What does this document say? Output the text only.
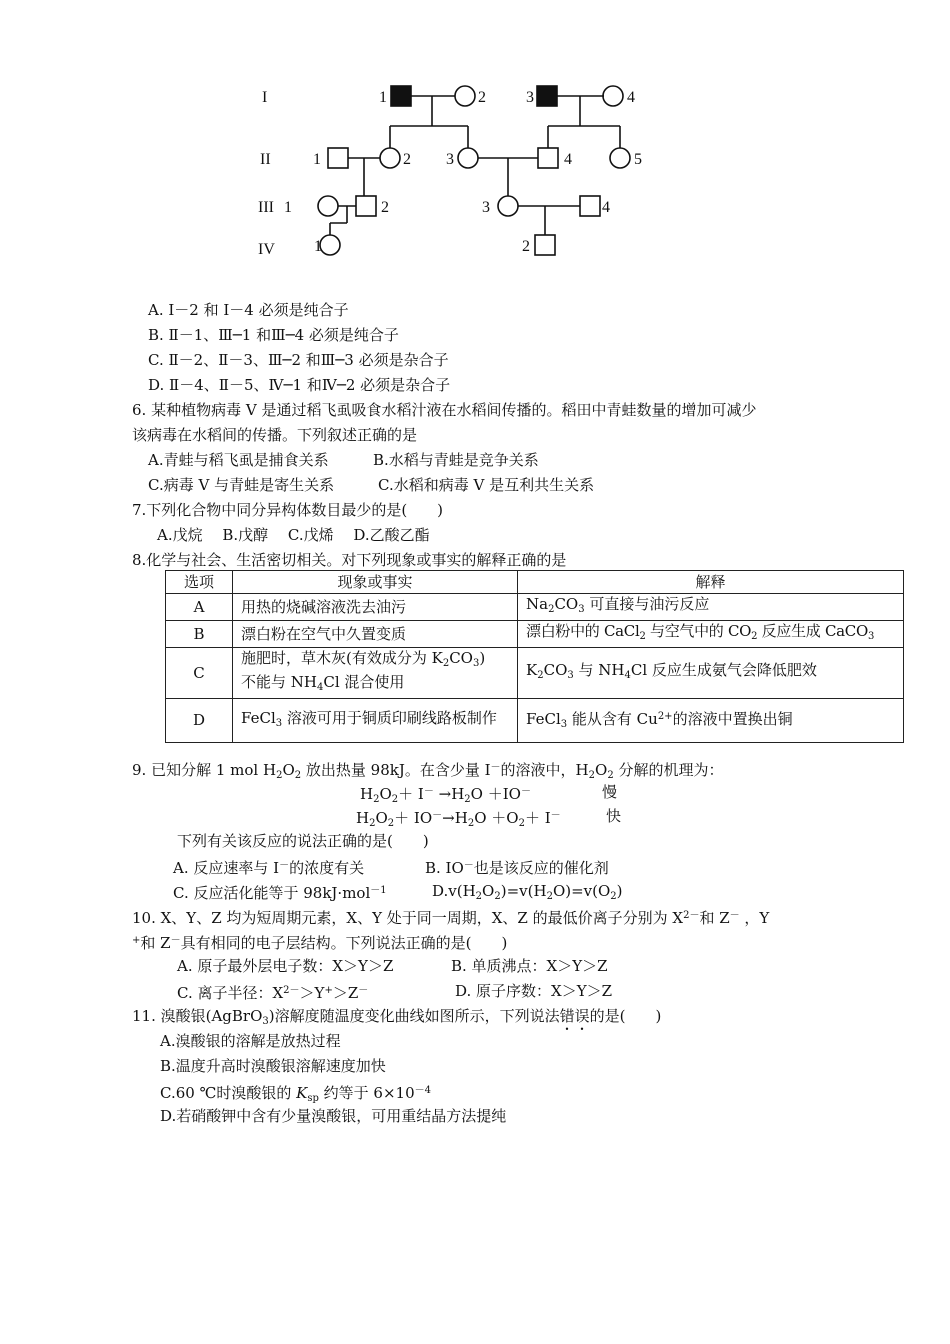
I
II
III
IV
1	2	3	4
1	2 3	4	5
1	2	3	4
1	2
A. Ⅰ－2 和 Ⅰ－4 必须是纯合子
B. Ⅱ－1、Ⅲ─1 和Ⅲ─4 必须是纯合子
C. Ⅱ－2、Ⅱ－3、Ⅲ─2 和Ⅲ─3 必须是杂合子
D. Ⅱ－4、Ⅱ－5、Ⅳ─1 和Ⅳ─2 必须是杂合子
6. 某种植物病毒 V 是通过稻飞虱吸食水稻汁液在水稻间传播的。稻田中青蛙数量的增加可减少
该病毒在水稻间的传播。下列叙述正确的是
A.青蛙与稻飞虱是捕食关系	B.水稻与青蛙是竞争关系
C.病毒 V 与青蛙是寄生关系	C.水稻和病毒 V 是互利共生关系
7.下列化合物中同分异构体数目最少的是(　　)
A.戊烷　 B.戊醇　 C.戊烯　 D.乙酸乙酯
8.化学与社会、生活密切相关。对下列现象或事实的解释正确的是
选项	现象或事实	解释
A	用热的烧碱溶液洗去油污	$Na_2CO_3$ 可直接与油污反应
B	漂白粉在空气中久置变质	漂白粉中的 CaCl$_2$ 与空气中的 $CO_2$ 反应生成 CaCO$_3$
C	施肥时，草木灰(有效成分为 $K_2CO_3$)
不能与 $NH_4Cl$ 混合使用	$K_2CO_3$ 与 $NH_4Cl$ 反应生成氨气会降低肥效
D	FeCl$_3$ 溶液可用于铜质印刷线路板制作	FeCl$_3$ 能从含有 $Cu^{2+}$的溶液中置换出铜
9. 已知分解 1 mol $H_2O_2$ 放出热量 98kJ。在含少量 I－的溶液中，$H_2O_2$ 分解的机理为：
$H_2O_2+ I^- \to H_2O +IO^-$	慢
$H_2O_2+ IO^-\to H_2O +O_2+ I^-$	快
下列有关该反应的说法正确的是(　　)
A. 反应速率与 I－的浓度有关	B. IO－也是该反应的催化剂
C. 反应活化能等于 98kJ·mol$^{-1}$	$D.v(H_2O_2)=v(H_2O)=v(O_2)$
10. X、Y、Z 均为短周期元素，X、Y 处于同一周期，X、Z 的最低价离子分别为 $X^{2-}$和 Z－ ，Y
+和 Z－具有相同的电子层结构。下列说法正确的是(　　)
A. 原子最外层电子数：X＞Y＞Z	B. 单质沸点：X＞Y＞Z
C. 离子半径：$X^{2-}>Y^+>Z^-$	D. 原子序数：X＞Y＞Z
11. 溴酸银(AgBrO$_3$)溶解度随温度变化曲线如图所示，下列说法错误的是(　　)
A.溴酸银的溶解是放热过程
B.温度升高时溴酸银溶解速度加快
C.60 ℃时溴酸银的 $K_{sp}$ 约等于 $6\times 10^{-4}$
D.若硝酸钾中含有少量溴酸银，可用重结晶方法提纯
